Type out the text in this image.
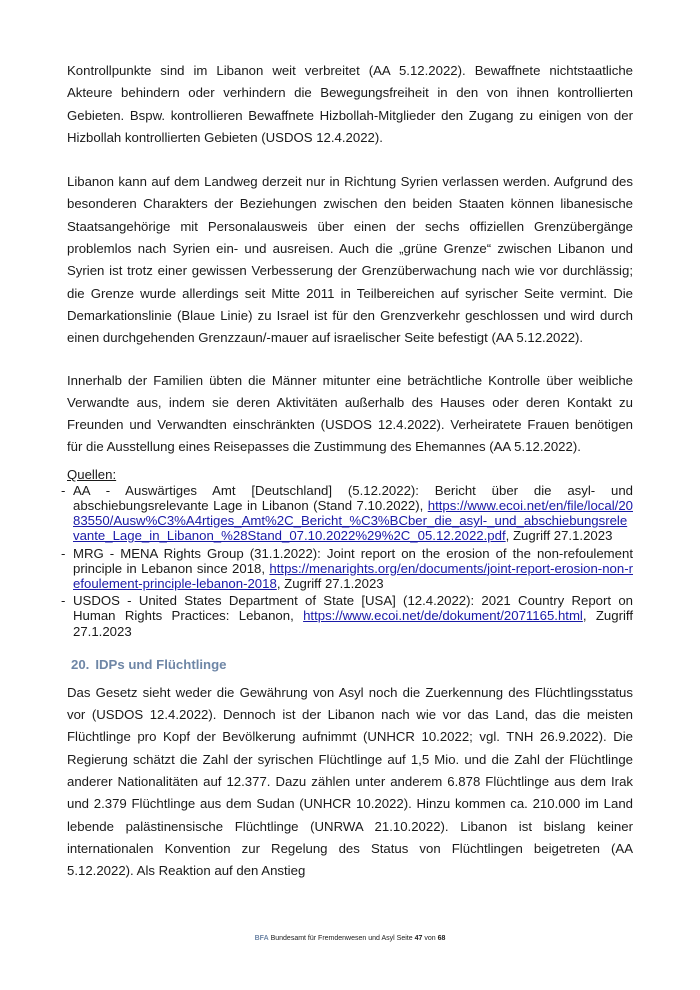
Kontrollpunkte sind im Libanon weit verbreitet (AA 5.12.2022). Bewaffnete nichtstaatliche Akteure behindern oder verhindern die Bewegungsfreiheit in den von ihnen kontrollierten Gebieten. Bspw. kontrollieren Bewaffnete Hizbollah-Mitglieder den Zugang zu einigen von der Hizbollah kontrollierten Gebieten (USDOS 12.4.2022).

Libanon kann auf dem Landweg derzeit nur in Richtung Syrien verlassen werden. Aufgrund des besonderen Charakters der Beziehungen zwischen den beiden Staaten können libanesische Staatsangehörige mit Personalausweis über einen der sechs offiziellen Grenzübergänge problemlos nach Syrien ein- und ausreisen. Auch die „grüne Grenze“ zwischen Libanon und Syrien ist trotz einer gewissen Verbesserung der Grenzüberwachung nach wie vor durchlässig; die Grenze wurde allerdings seit Mitte 2011 in Teilbereichen auf syrischer Seite vermint. Die Demarkationslinie (Blaue Linie) zu Israel ist für den Grenzverkehr geschlossen und wird durch einen durchgehenden Grenzzaun/-mauer auf israelischer Seite befestigt (AA 5.12.2022).

Innerhalb der Familien übten die Männer mitunter eine beträchtliche Kontrolle über weibliche Verwandte aus, indem sie deren Aktivitäten außerhalb des Hauses oder deren Kontakt zu Freunden und Verwandten einschränkten (USDOS 12.4.2022). Verheiratete Frauen benötigen für die Ausstellung eines Reisepasses die Zustimmung des Ehemannes (AA 5.12.2022).

Quellen:
- AA - Auswärtiges Amt [Deutschland] (5.12.2022): Bericht über die asyl- und abschiebungsrelevante Lage in Libanon (Stand 7.10.2022), https://www.ecoi.net/en/file/local/2083550/Ausw%C3%A4rtiges_Amt%2C_Bericht_%C3%BCber_die_asyl-_und_abschiebungsrelevante_Lage_in_Libanon_%28Stand_07.10.2022%29%2C_05.12.2022.pdf, Zugriff 27.1.2023
- MRG - MENA Rights Group (31.1.2022): Joint report on the erosion of the non-refoulement principle in Lebanon since 2018, https://menarights.org/en/documents/joint-report-erosion-non-refoulement-principle-lebanon-2018, Zugriff 27.1.2023
- USDOS - United States Department of State [USA] (12.4.2022): 2021 Country Report on Human Rights Practices: Lebanon, https://www.ecoi.net/de/dokument/2071165.html, Zugriff 27.1.2023
20. IDPs und Flüchtlinge

Das Gesetz sieht weder die Gewährung von Asyl noch die Zuerkennung des Flüchtlingsstatus vor (USDOS 12.4.2022). Dennoch ist der Libanon nach wie vor das Land, das die meisten Flüchtlinge pro Kopf der Bevölkerung aufnimmt (UNHCR 10.2022; vgl. TNH 26.9.2022). Die Regierung schätzt die Zahl der syrischen Flüchtlinge auf 1,5 Mio. und die Zahl der Flüchtlinge anderer Nationalitäten auf 12.377. Dazu zählen unter anderem 6.878 Flüchtlinge aus dem Irak und 2.379 Flüchtlinge aus dem Sudan (UNHCR 10.2022). Hinzu kommen ca. 210.000 im Land lebende palästinensische Flüchtlinge (UNRWA 21.10.2022). Libanon ist bislang keiner internationalen Konvention zur Regelung des Status von Flüchtlingen beigetreten (AA 5.12.2022). Als Reaktion auf den Anstieg

BFA Bundesamt für Fremdenwesen und Asyl Seite 47 von 68
